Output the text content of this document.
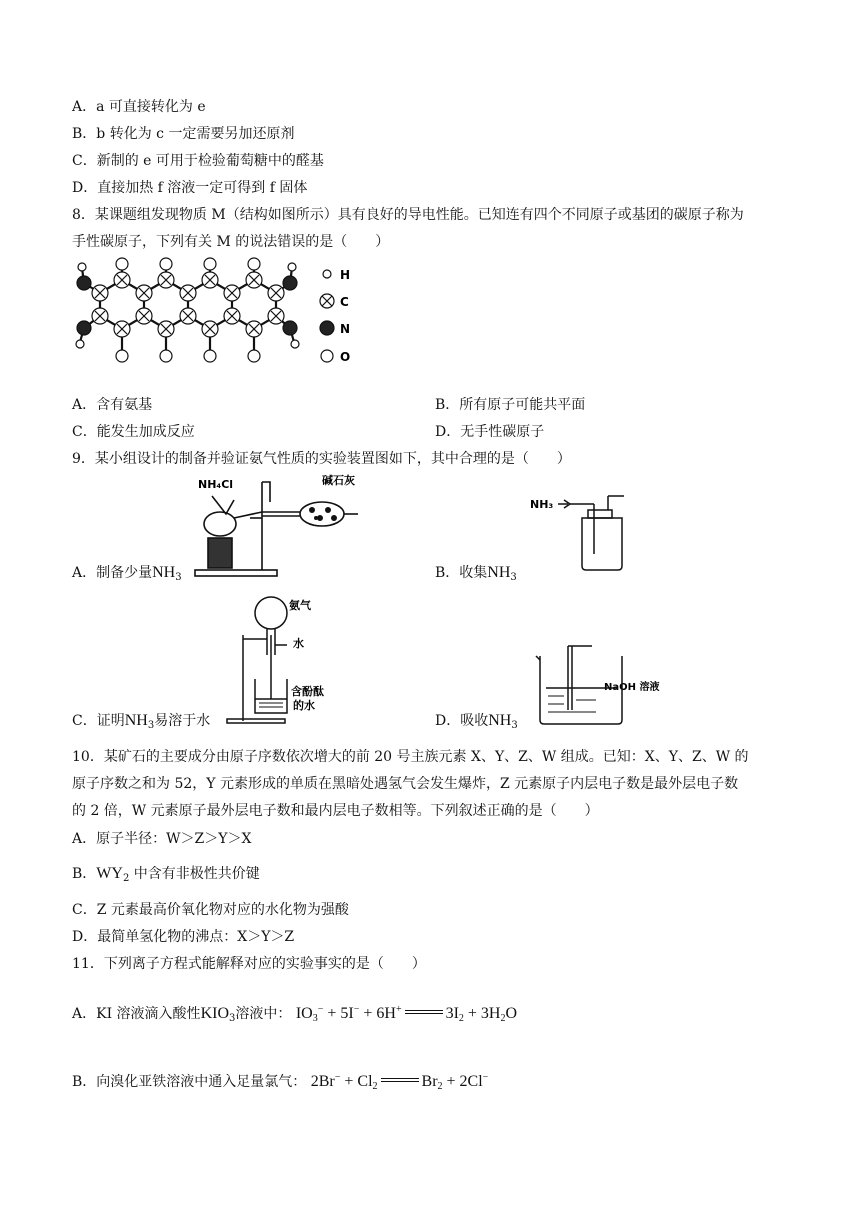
A．a 可直接转化为 e
B．b 转化为 c 一定需要另加还原剂
C．新制的 e 可用于检验葡萄糖中的醛基
D．直接加热 f 溶液一定可得到 f 固体
8．某课题组发现物质 M（结构如图所示）具有良好的导电性能。已知连有四个不同原子或基团的碳原子称为
手性碳原子，下列有关 M 的说法错误的是（　　）
H
C
N
O
A．含有氨基	B．所有原子可能共平面
C．能发生加成反应	D．无手性碳原子
9．某小组设计的制备并验证氨气性质的实验装置图如下，其中合理的是（　　）
NH₄Cl	碱石灰
A．制备少量$NH_3$
NH₃
B．收集$NH_3$
氨气
水
含酚酞
的水
C．证明$NH_3$易溶于水
NaOH 溶液
D．吸收$NH_3$
10．某矿石的主要成分由原子序数依次增大的前 20 号主族元素 X、Y、Z、W 组成。已知：X、Y、Z、W 的
原子序数之和为 52，Y 元素形成的单质在黑暗处遇氢气会发生爆炸，Z 元素原子内层电子数是最外层电子数
的 2 倍，W 元素原子最外层电子数和最内层电子数相等。下列叙述正确的是（　　）
A．原子半径：W＞Z＞Y＞X
B．$WY_2$ 中含有非极性共价键
C．Z 元素最高价氧化物对应的水化物为强酸
D．最简单氢化物的沸点：X＞Y＞Z
11．下列离子方程式能解释对应的实验事实的是（　　）
A．KI 溶液滴入酸性$KIO_3$溶液中： $IO_3^- + 5I^- + 6H^+$	$3I_2 + 3H_2O$
B．向溴化亚铁溶液中通入足量氯气： $2Br^- + Cl_2$	$Br_2 + 2Cl^-$
